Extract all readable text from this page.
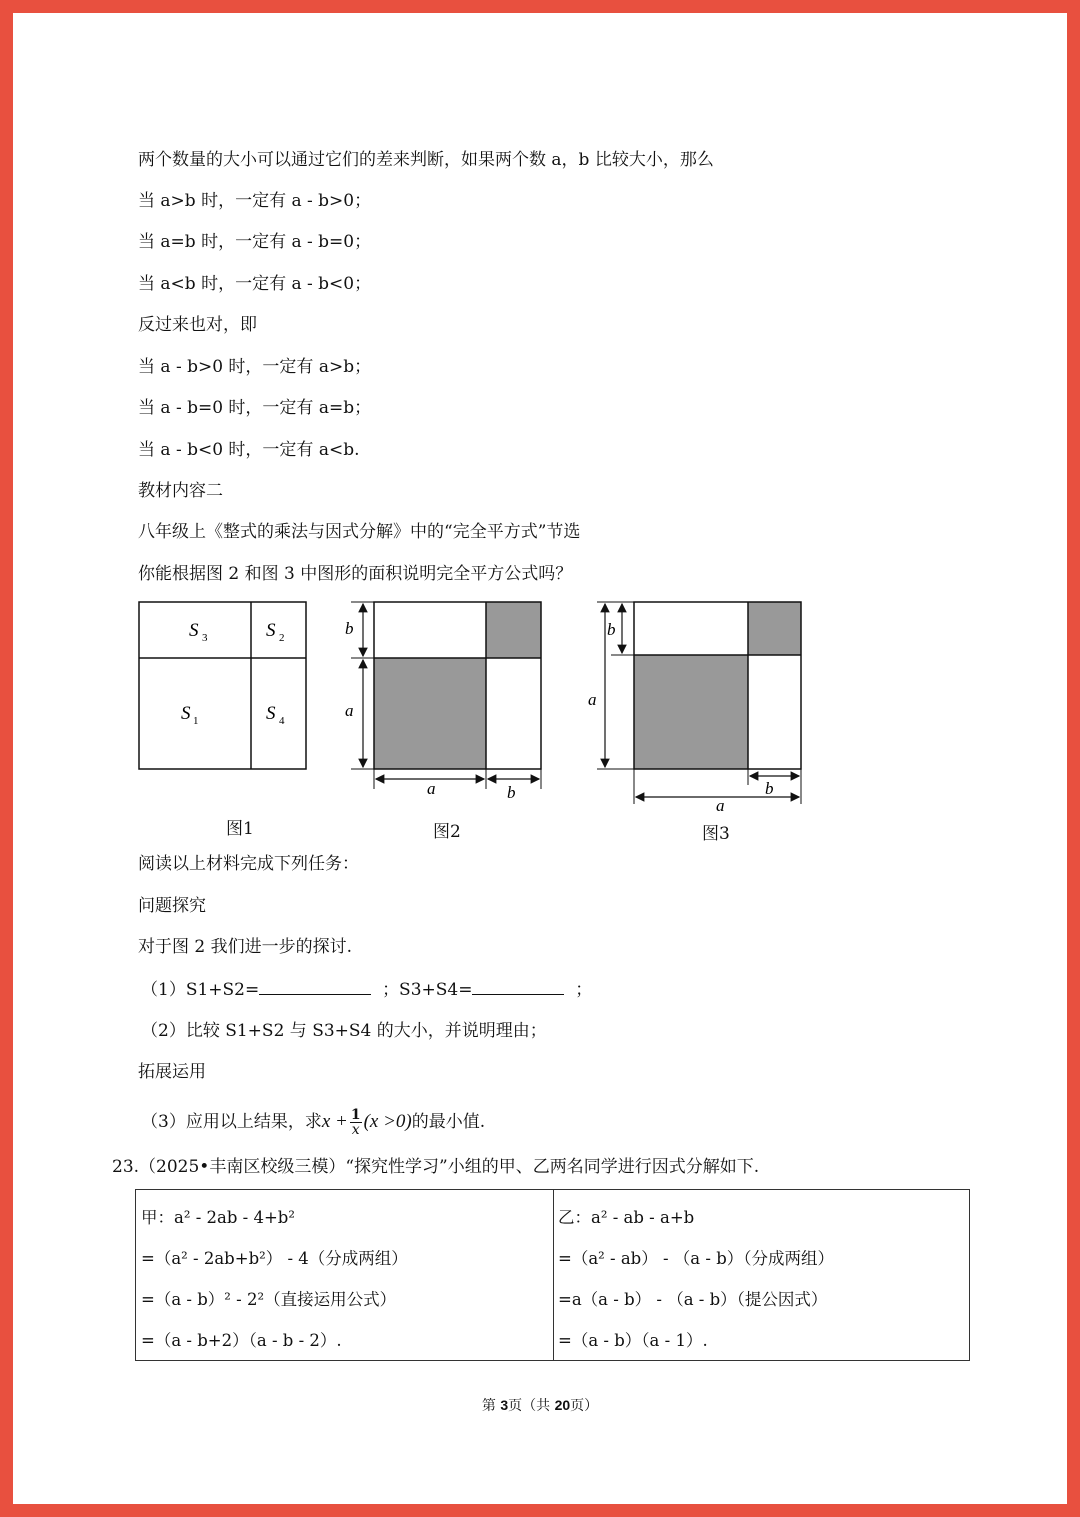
两个数量的大小可以通过它们的差来判断，如果两个数 a，b 比较大小，那么
当 a>b 时，一定有 a - b>0；
当 a=b 时，一定有 a - b=0；
当 a<b 时，一定有 a - b<0；
反过来也对，即
当 a - b>0 时，一定有 a>b；
当 a - b=0 时，一定有 a=b；
当 a - b<0 时，一定有 a<b.
教材内容二
八年级上《整式的乘法与因式分解》中的“完全平方式”节选
你能根据图 2 和图 3 中图形的面积说明完全平方公式吗？
S 3	S 2
S 1	S 4
b
a
a	b
b
a
b
a
图1	图2	图3
阅读以上材料完成下列任务：
问题探究
对于图 2 我们进一步的探讨.
（1）S1+S2=	；S3+S4=	；
（2）比较 S1+S2 与 S3+S4 的大小，并说明理由；
拓展运用
（3）应用以上结果，求$x + \frac{1}{x} (x >0)$的最小值.
23.（2025•丰南区校级三模）“探究性学习”小组的甲、乙两名同学进行因式分解如下.
甲：a² - 2ab - 4+b²
=（a² - 2ab+b²） - 4（分成两组）
=（a - b）² - 2²（直接运用公式）
=（a - b+2）（a - b - 2）.
乙：a² - ab - a+b
=（a² - ab） - （a - b）（分成两组）
=a（a - b） - （a - b）（提公因式）
=（a - b）（a - 1）.
第 3页（共 20页）
